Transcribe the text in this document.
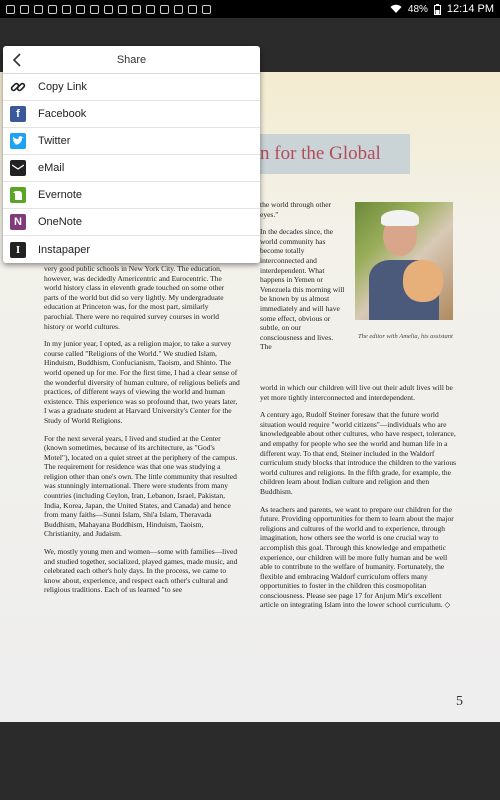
48% 12:14 PM
n for the Global

the world through other eyes."

In the decades since, the world community has become totally interconnected and interdependent. What happens in Yemen or Venezuela this morning will be known by us almost immediately and will have some effect, obvious or subtle, on our consciousness and lives. The

The editor with Amelia, his assistant

very good public schools in New York City. The education, however, was decidedly Americentric and Eurocentric. The world history class in eleventh grade touched on some other parts of the world but did so very lightly. My undergraduate education at Princeton was, for the most part, similarly parochial. There were no required survey courses in world history or world cultures.

In my junior year, I opted, as a religion major, to take a survey course called "Religions of the World." We studied Islam, Hinduism, Buddhism, Confucianism, Taoism, and Shinto. The world opened up for me. For the first time, I had a clear sense of the wonderful diversity of human culture, of religious beliefs and practices, of different ways of viewing the world and human existence. This experience was so profound that, two years later, I was a graduate student at Harvard University's Center for the Study of World Religions.

For the next several years, I lived and studied at the Center (known sometimes, because of its architecture, as "God's Motel"), located on a quiet street at the periphery of the campus. The requirement for residence was that one was studying a religion other than one's own. The little community that resulted was stunningly international. There were students from many countries (including Ceylon, Iran, Lebanon, Israel, Pakistan, India, Korea, Japan, the United States, and Canada) and hence from many faiths—Sunni Islam, Shi'a Islam, Theravada Buddhism, Mahayana Buddhism, Hinduism, Taoism, Christianity, and Judaism.

We, mostly young men and women—some with families—lived and studied together, socialized, played games, made music, and celebrated each other's holy days. In the process, we came to know about, experience, and respect each other's cultural and religious traditions. Each of us learned "to see

world in which our children will live out their adult lives will be yet more tightly interconnected and interdependent.

A century ago, Rudolf Steiner foresaw that the future world situation would require "world citizens"—individuals who are knowledgeable about other cultures, who have respect, tolerance, and empathy for people who see the world and human life in a different way. To that end, Steiner included in the Waldorf curriculum study blocks that introduce the children to the various world cultures and religions. In the fifth grade, for example, the children learn about Indian culture and religion and then Buddhism.

As teachers and parents, we want to prepare our children for the future. Providing opportunities for them to learn about the major religions and cultures of the world and to experience, through imagination, how others see the world is one crucial way to accomplish this goal. Through this knowledge and empathetic experience, our children will be more fully human and be well able to contribute to the welfare of humanity. Fortunately, the flexible and embracing Waldorf curriculum offers many opportunities to foster in the children this cosmopolitan consciousness. Please see page 17 for Anjum Mir's excellent article on integrating Islam into the lower school curriculum. ◇

5
Share
Copy Link
f	Facebook
Twitter
eMail
Evernote
N	OneNote
I	Instapaper
